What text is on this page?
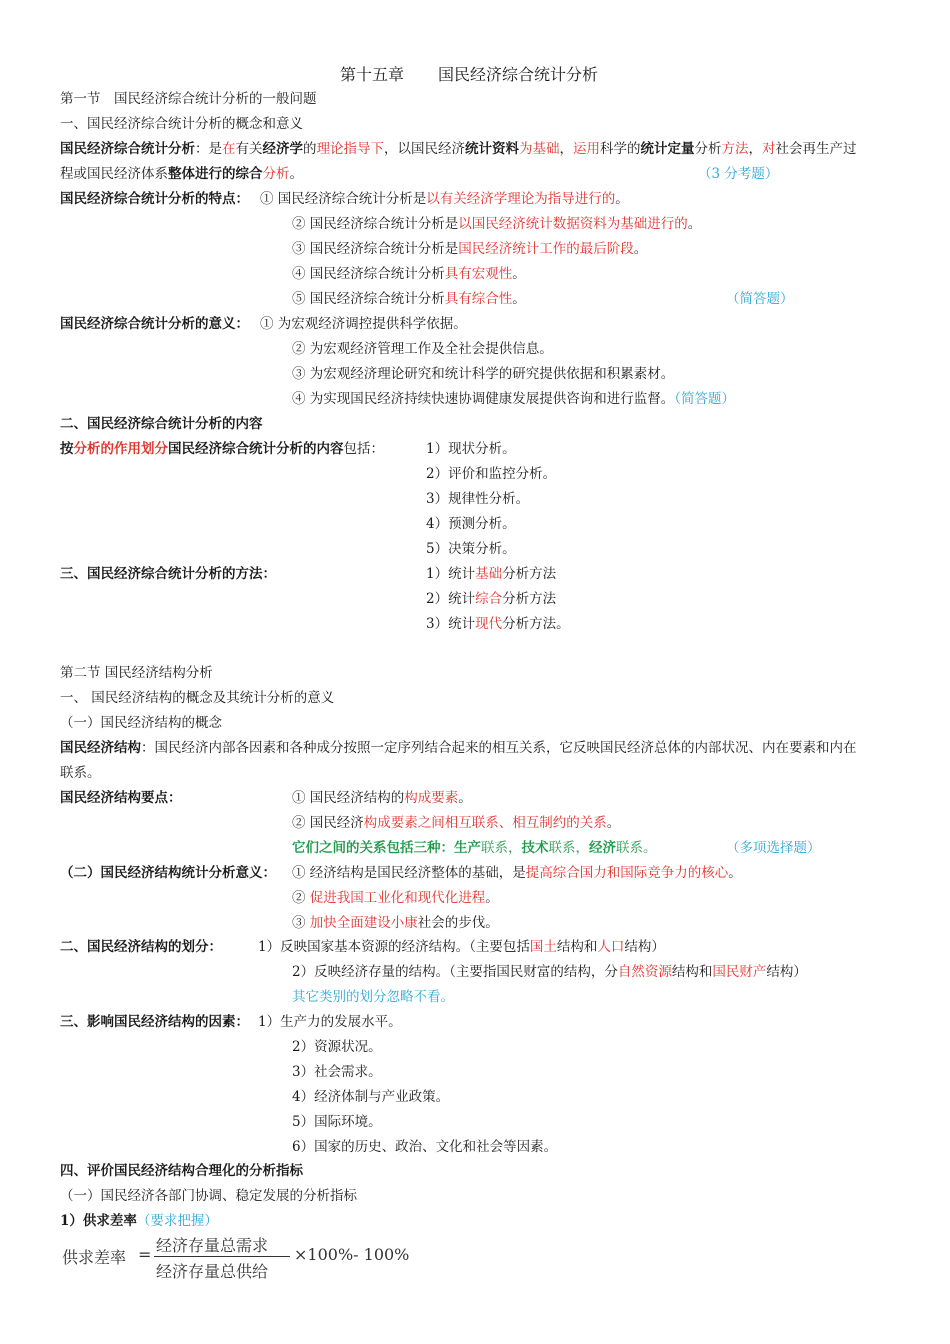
第十五章 国民经济综合统计分析
第一节　国民经济综合统计分析的一般问题
一、国民经济综合统计分析的概念和意义
国民经济综合统计分析：是在有关经济学的理论指导下，以国民经济统计资料为基础，运用科学的统计定量分析方法，对社会再生产过
程或国民经济体系整体进行的综合分析。	（3 分考题）
国民经济综合统计分析的特点： ① 国民经济综合统计分析是以有关经济学理论为指导进行的。
② 国民经济综合统计分析是以国民经济统计数据资料为基础进行的。
③ 国民经济综合统计分析是国民经济统计工作的最后阶段。
④ 国民经济综合统计分析具有宏观性。
⑤ 国民经济综合统计分析具有综合性。	（简答题）
国民经济综合统计分析的意义： ① 为宏观经济调控提供科学依据。
② 为宏观经济管理工作及全社会提供信息。
③ 为宏观经济理论研究和统计科学的研究提供依据和积累素材。
④ 为实现国民经济持续快速协调健康发展提供咨询和进行监督。（简答题）
二、国民经济综合统计分析的内容
按分析的作用划分国民经济综合统计分析的内容包括：	1）现状分析。
2）评价和监控分析。
3）规律性分析。
4）预测分析。
5）决策分析。
三、国民经济综合统计分析的方法：	1）统计基础分析方法
2）统计综合分析方法
3）统计现代分析方法。
第二节 国民经济结构分析
一、 国民经济结构的概念及其统计分析的意义
（一）国民经济结构的概念
国民经济结构：国民经济内部各因素和各种成分按照一定序列结合起来的相互关系，它反映国民经济总体的内部状况、内在要素和内在
联系。
国民经济结构要点：	① 国民经济结构的构成要素。
② 国民经济构成要素之间相互联系、相互制约的关系。
它们之间的关系包括三种：生产联系，技术联系，经济联系。	（多项选择题）
（二）国民经济结构统计分析意义： ① 经济结构是国民经济整体的基础，是提高综合国力和国际竞争力的核心。
② 促进我国工业化和现代化进程。
③ 加快全面建设小康社会的步伐。
二、国民经济结构的划分：	1）反映国家基本资源的经济结构。（主要包括国土结构和人口结构）
2）反映经济存量的结构。（主要指国民财富的结构，分自然资源结构和国民财产结构）
其它类别的划分忽略不看。
三、影响国民经济结构的因素： 1）生产力的发展水平。
2）资源状况。
3）社会需求。
4）经济体制与产业政策。
5）国际环境。
6）国家的历史、政治、文化和社会等因素。
四、评价国民经济结构合理化的分析指标
（一）国民经济各部门协调、稳定发展的分析指标
1）供求差率（要求把握）
供求差率 = 经济存量总需求
经济存量总供给
×100%- 100%
